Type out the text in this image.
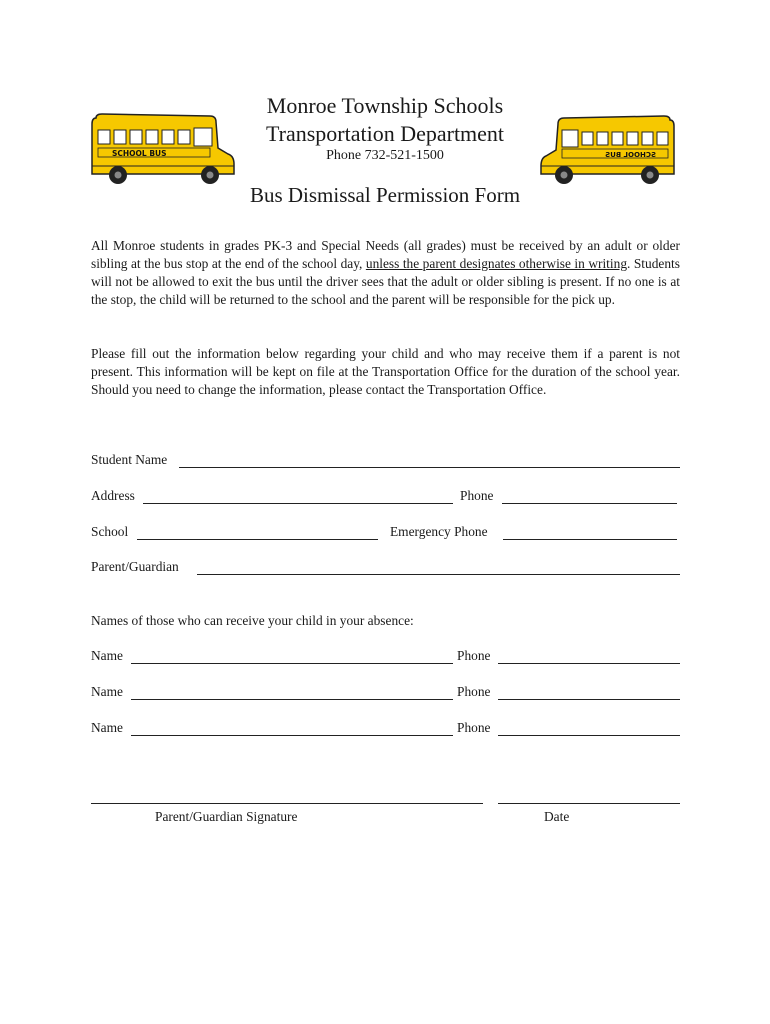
SCHOOL BUS	SCHOOL BUS
Monroe Township Schools
Transportation Department
Phone 732-521-1500
Bus Dismissal Permission Form

All Monroe students in grades PK-3 and Special Needs (all grades) must be received by an adult or older sibling at the bus stop at the end of the school day, unless the parent designates otherwise in writing. Students will not be allowed to exit the bus until the driver sees that the adult or older sibling is present. If no one is at the stop, the child will be returned to the school and the parent will be responsible for the pick up.

Please fill out the information below regarding your child and who may receive them if a parent is not present. This information will be kept on file at the Transportation Office for the duration of the school year. Should you need to change the information, please contact the Transportation Office.

Student Name
Address	Phone
School	Emergency Phone
Parent/Guardian
Names of those who can receive your child in your absence:
Name	Phone
Name	Phone
Name	Phone
Parent/Guardian Signature	Date
